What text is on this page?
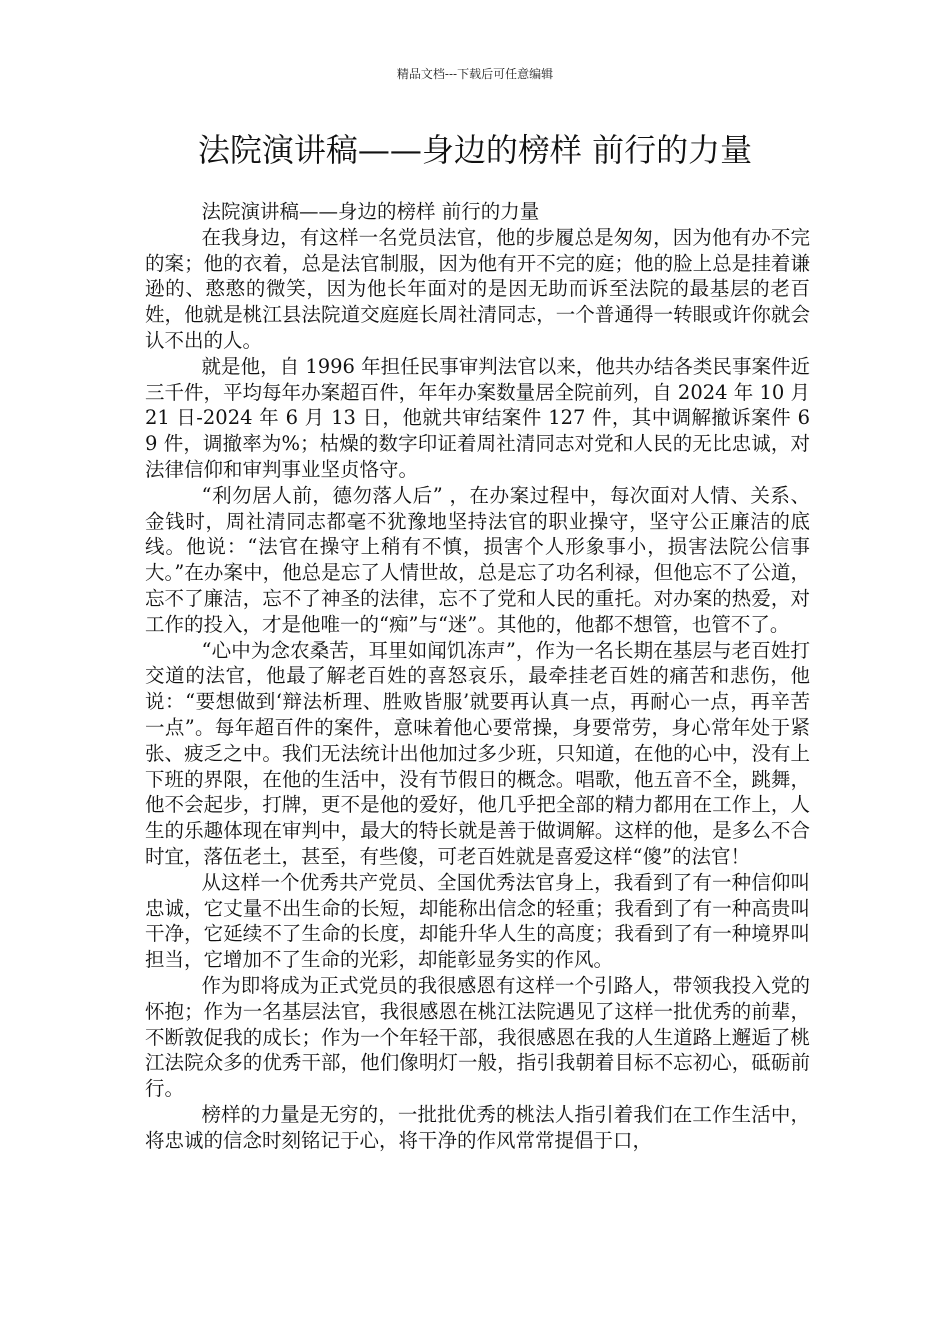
精品文档---下载后可任意编辑
法院演讲稿——身边的榜样 前行的力量

法院演讲稿——身边的榜样 前行的力量

在我身边，有这样一名党员法官，他的步履总是匆匆，因为他有办不完的案；他的衣着，总是法官制服，因为他有开不完的庭；他的脸上总是挂着谦逊的、憨憨的微笑，因为他长年面对的是因无助而诉至法院的最基层的老百姓，他就是桃江县法院道交庭庭长周社清同志，一个普通得一转眼或许你就会认不出的人。

就是他，自 1996 年担任民事审判法官以来，他共办结各类民事案件近三千件，平均每年办案超百件，年年办案数量居全院前列，自 2024 年 10 月 21 日-2024 年 6 月 13 日，他就共审结案件 127 件，其中调解撤诉案件 69 件，调撤率为%；枯燥的数字印证着周社清同志对党和人民的无比忠诚，对法律信仰和审判事业坚贞恪守。

“利勿居人前，德勿落人后” ，在办案过程中，每次面对人情、关系、金钱时，周社清同志都毫不犹豫地坚持法官的职业操守，坚守公正廉洁的底线。他说：“法官在操守上稍有不慎，损害个人形象事小，损害法院公信事大。”在办案中，他总是忘了人情世故，总是忘了功名利禄，但他忘不了公道，忘不了廉洁，忘不了神圣的法律，忘不了党和人民的重托。对办案的热爱，对工作的投入，才是他唯一的“痴”与“迷”。其他的，他都不想管，也管不了。

“心中为念农桑苦，耳里如闻饥冻声”，作为一名长期在基层与老百姓打交道的法官，他最了解老百姓的喜怒哀乐，最牵挂老百姓的痛苦和悲伤，他说：“要想做到‘辩法析理、胜败皆服’就要再认真一点，再耐心一点，再辛苦一点”。每年超百件的案件，意味着他心要常操，身要常劳，身心常年处于紧张、疲乏之中。我们无法统计出他加过多少班，只知道，在他的心中，没有上下班的界限，在他的生活中，没有节假日的概念。唱歌，他五音不全，跳舞，他不会起步，打牌，更不是他的爱好，他几乎把全部的精力都用在工作上，人生的乐趣体现在审判中，最大的特长就是善于做调解。这样的他，是多么不合时宜，落伍老土，甚至，有些傻，可老百姓就是喜爱这样“傻”的法官！

从这样一个优秀共产党员、全国优秀法官身上，我看到了有一种信仰叫忠诚，它丈量不出生命的长短，却能称出信念的轻重；我看到了有一种高贵叫干净，它延续不了生命的长度，却能升华人生的高度；我看到了有一种境界叫担当，它增加不了生命的光彩，却能彰显务实的作风。

作为即将成为正式党员的我很感恩有这样一个引路人，带领我投入党的怀抱；作为一名基层法官，我很感恩在桃江法院遇见了这样一批优秀的前辈，不断敦促我的成长；作为一个年轻干部，我很感恩在我的人生道路上邂逅了桃江法院众多的优秀干部，他们像明灯一般，指引我朝着目标不忘初心，砥砺前行。

榜样的力量是无穷的，一批批优秀的桃法人指引着我们在工作生活中，将忠诚的信念时刻铭记于心，将干净的作风常常提倡于口，
